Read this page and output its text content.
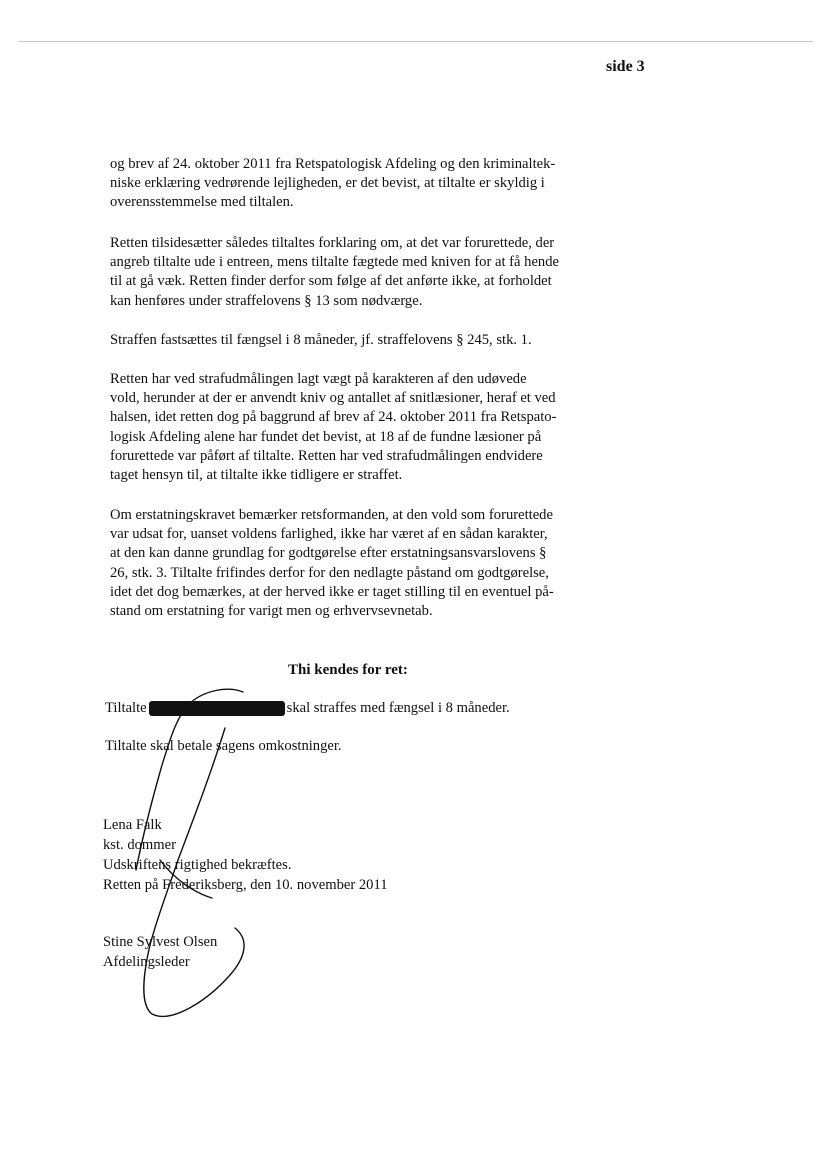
side 3
og brev af 24. oktober 2011 fra Retspatologisk Afdeling og den kriminaltek-
niske erklæring vedrørende lejligheden, er det bevist, at tiltalte er skyldig i
overensstemmelse med tiltalen.
Retten tilsidesætter således tiltaltes forklaring om, at det var forurettede, der
angreb tiltalte ude i entreen, mens tiltalte fægtede med kniven for at få hende
til at gå væk. Retten finder derfor som følge af det anførte ikke, at forholdet
kan henføres under straffelovens § 13 som nødværge.
Straffen fastsættes til fængsel i 8 måneder, jf. straffelovens § 245, stk. 1.
Retten har ved strafudmålingen lagt vægt på karakteren af den udøvede
vold, herunder at der er anvendt kniv og antallet af snitlæsioner, heraf et ved
halsen, idet retten dog på baggrund af brev af 24. oktober 2011 fra Retspato-
logisk Afdeling alene har fundet det bevist, at 18 af de fundne læsioner på
forurettede var påført af tiltalte. Retten har ved strafudmålingen endvidere
taget hensyn til, at tiltalte ikke tidligere er straffet.
Om erstatningskravet bemærker retsformanden, at den vold som forurettede
var udsat for, uanset voldens farlighed, ikke har været af en sådan karakter,
at den kan danne grundlag for godtgørelse efter erstatningsansvarslovens §
26, stk. 3. Tiltalte frifindes derfor for den nedlagte påstand om godtgørelse,
idet det dog bemærkes, at der herved ikke er taget stilling til en eventuel på-
stand om erstatning for varigt men og erhvervsevnetab.
Thi kendes for ret:
Tiltalte	skal straffes med fængsel i 8 måneder.
Tiltalte skal betale sagens omkostninger.
Lena Falk
kst. dommer
Udskriftens rigtighed bekræftes.
Retten på Frederiksberg, den 10. november 2011
Stine Sylvest Olsen
Afdelingsleder
